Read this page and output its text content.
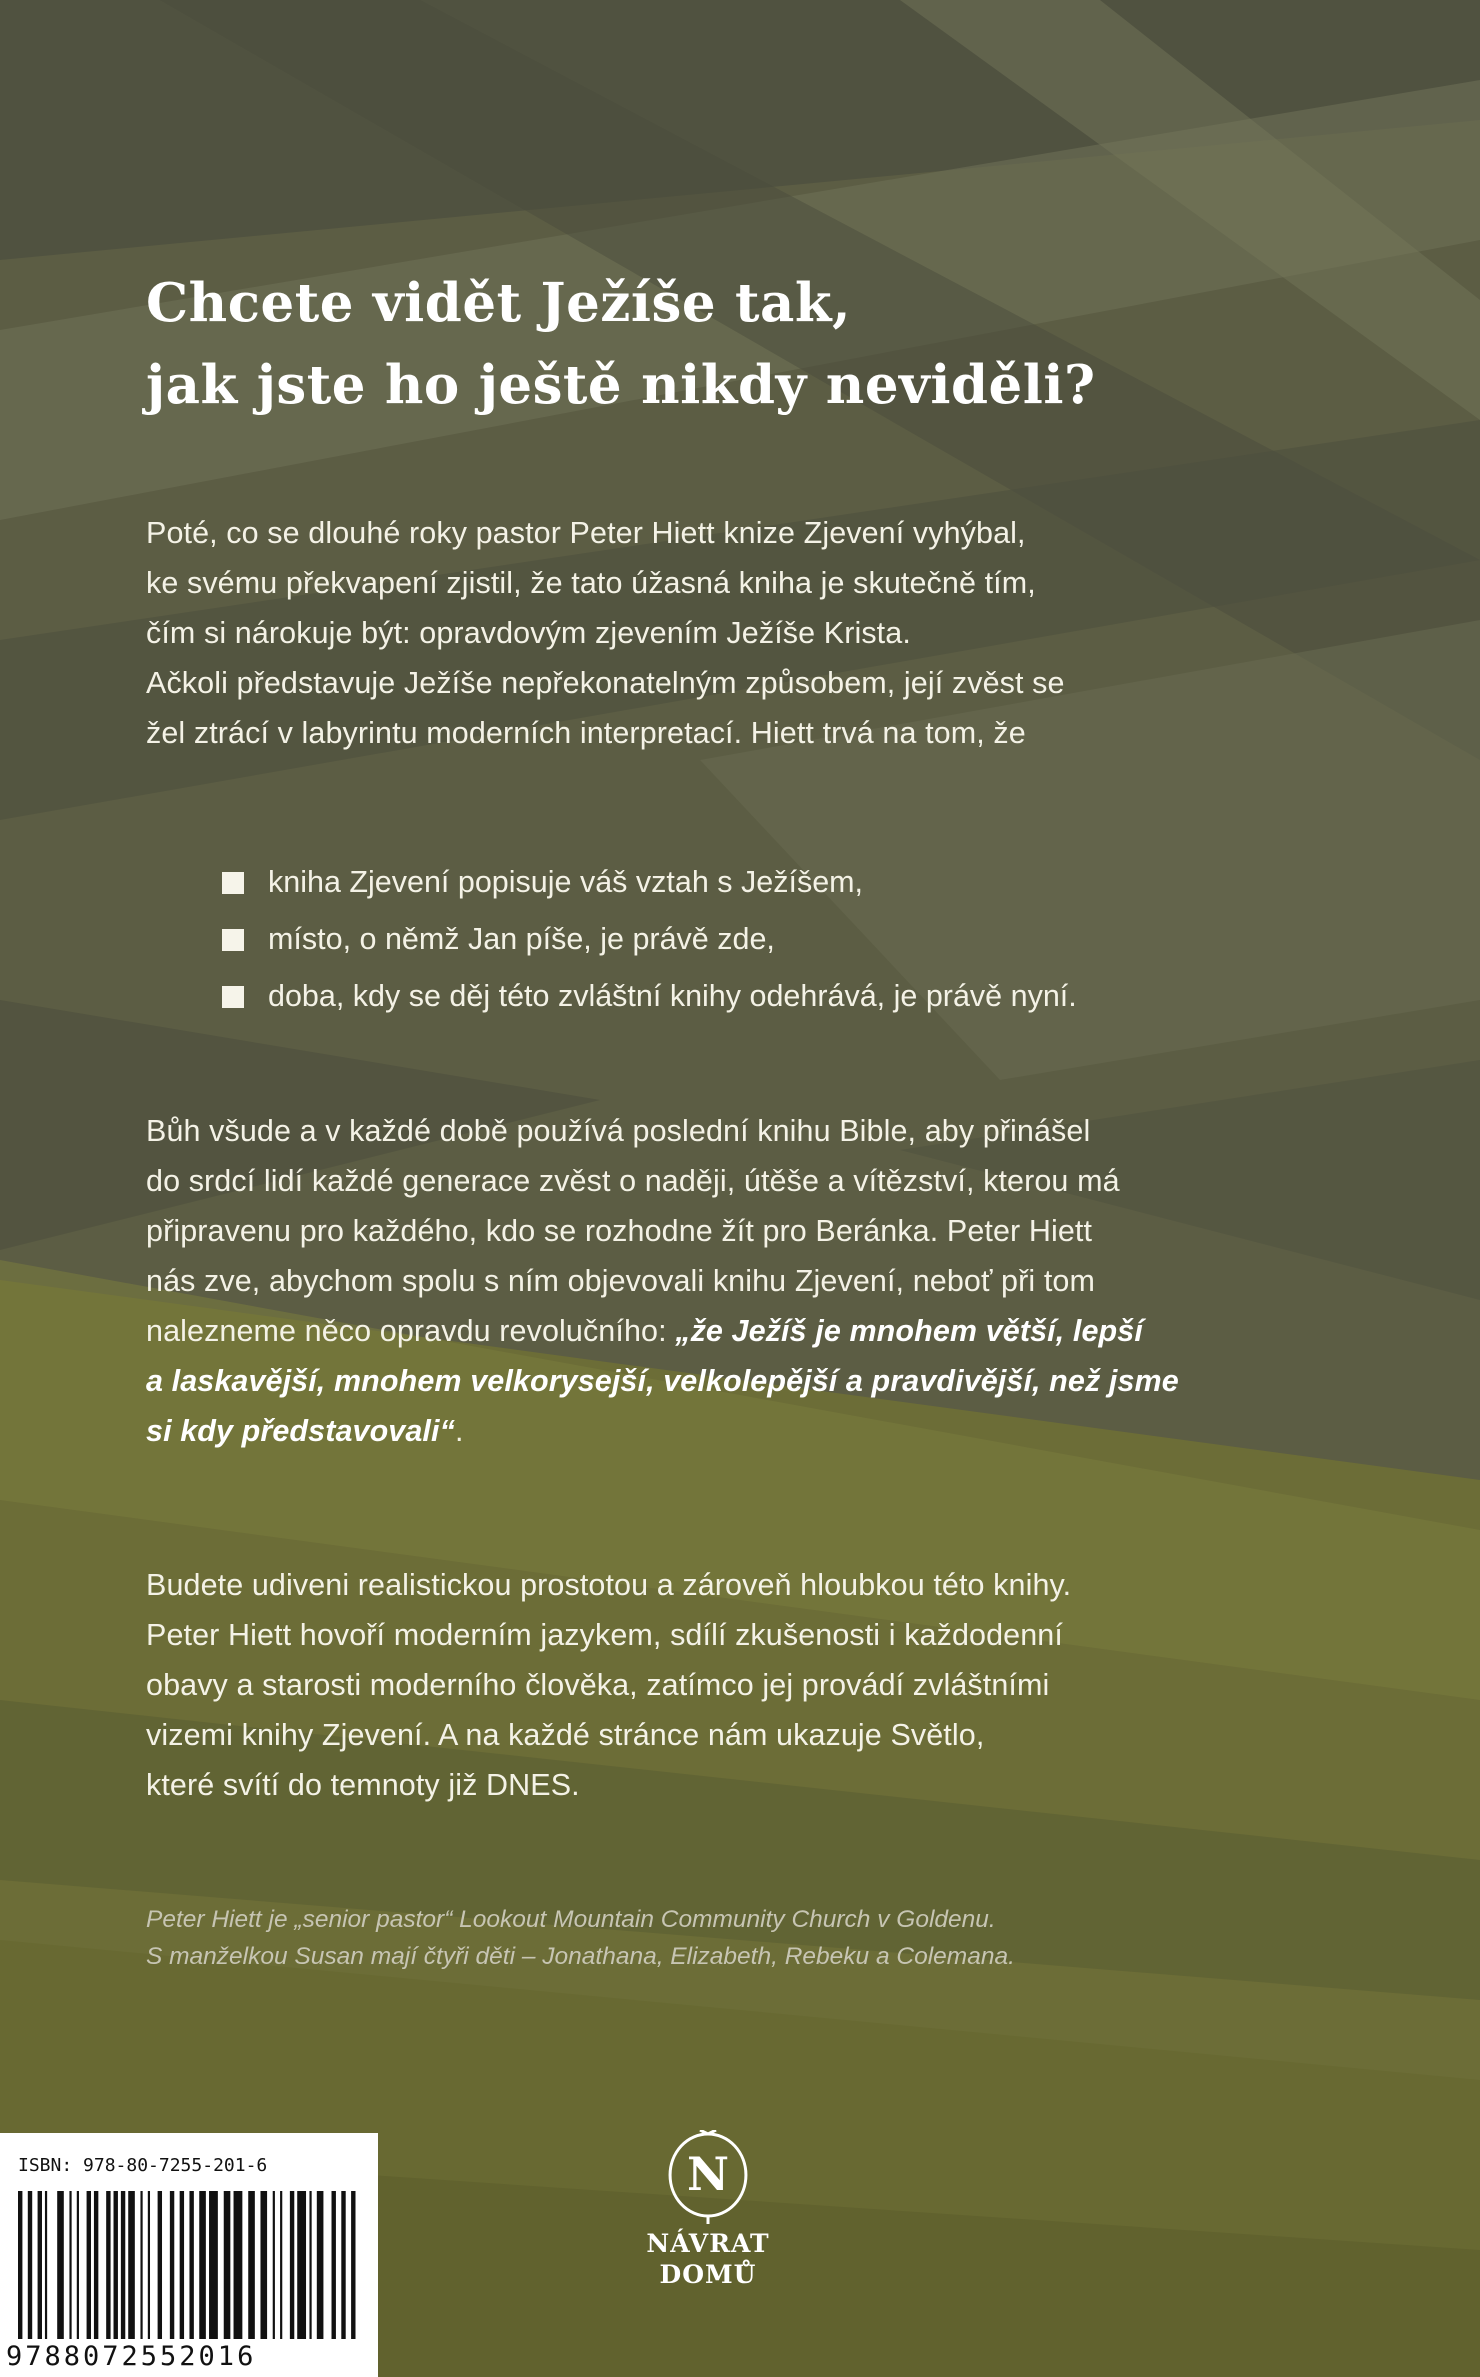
Chcete vidět Ježíše tak,
jak jste ho ještě nikdy neviděli?
Poté, co se dlouhé roky pastor Peter Hiett knize Zjevení vyhýbal,
ke svému překvapení zjistil, že tato úžasná kniha je skutečně tím,
čím si nárokuje být: opravdovým zjevením Ježíše Krista.
Ačkoli představuje Ježíše nepřekonatelným způsobem, její zvěst se
žel ztrácí v labyrintu moderních interpretací. Hiett trvá na tom, že
kniha Zjevení popisuje váš vztah s Ježíšem,
místo, o němž Jan píše, je právě zde,
doba, kdy se děj této zvláštní knihy odehrává, je právě nyní.
Bůh všude a v každé době používá poslední knihu Bible, aby přinášel
do srdcí lidí každé generace zvěst o naději, útěše a vítězství, kterou má
připravenu pro každého, kdo se rozhodne žít pro Beránka. Peter Hiett
nás zve, abychom spolu s ním objevovali knihu Zjevení, neboť při tom
nalezneme něco opravdu revolučního: „že Ježíš je mnohem větší, lepší
a laskavější, mnohem velkorysejší, velkolepější a pravdivější, než jsme
si kdy představovali“.
Budete udiveni realistickou prostotou a zároveň hloubkou této knihy.
Peter Hiett hovoří moderním jazykem, sdílí zkušenosti i každodenní
obavy a starosti moderního člověka, zatímco jej provádí zvláštními
vizemi knihy Zjevení. A na každé stránce nám ukazuje Světlo,
které svítí do temnoty již DNES.
Peter Hiett je „senior pastor“ Lookout Mountain Community Church v Goldenu.
S manželkou Susan mají čtyři děti – Jonathana, Elizabeth, Rebeku a Colemana.
ISBN: 978-80-7255-201-6
9788072552016
N
NÁVRAT
DOMŮ
